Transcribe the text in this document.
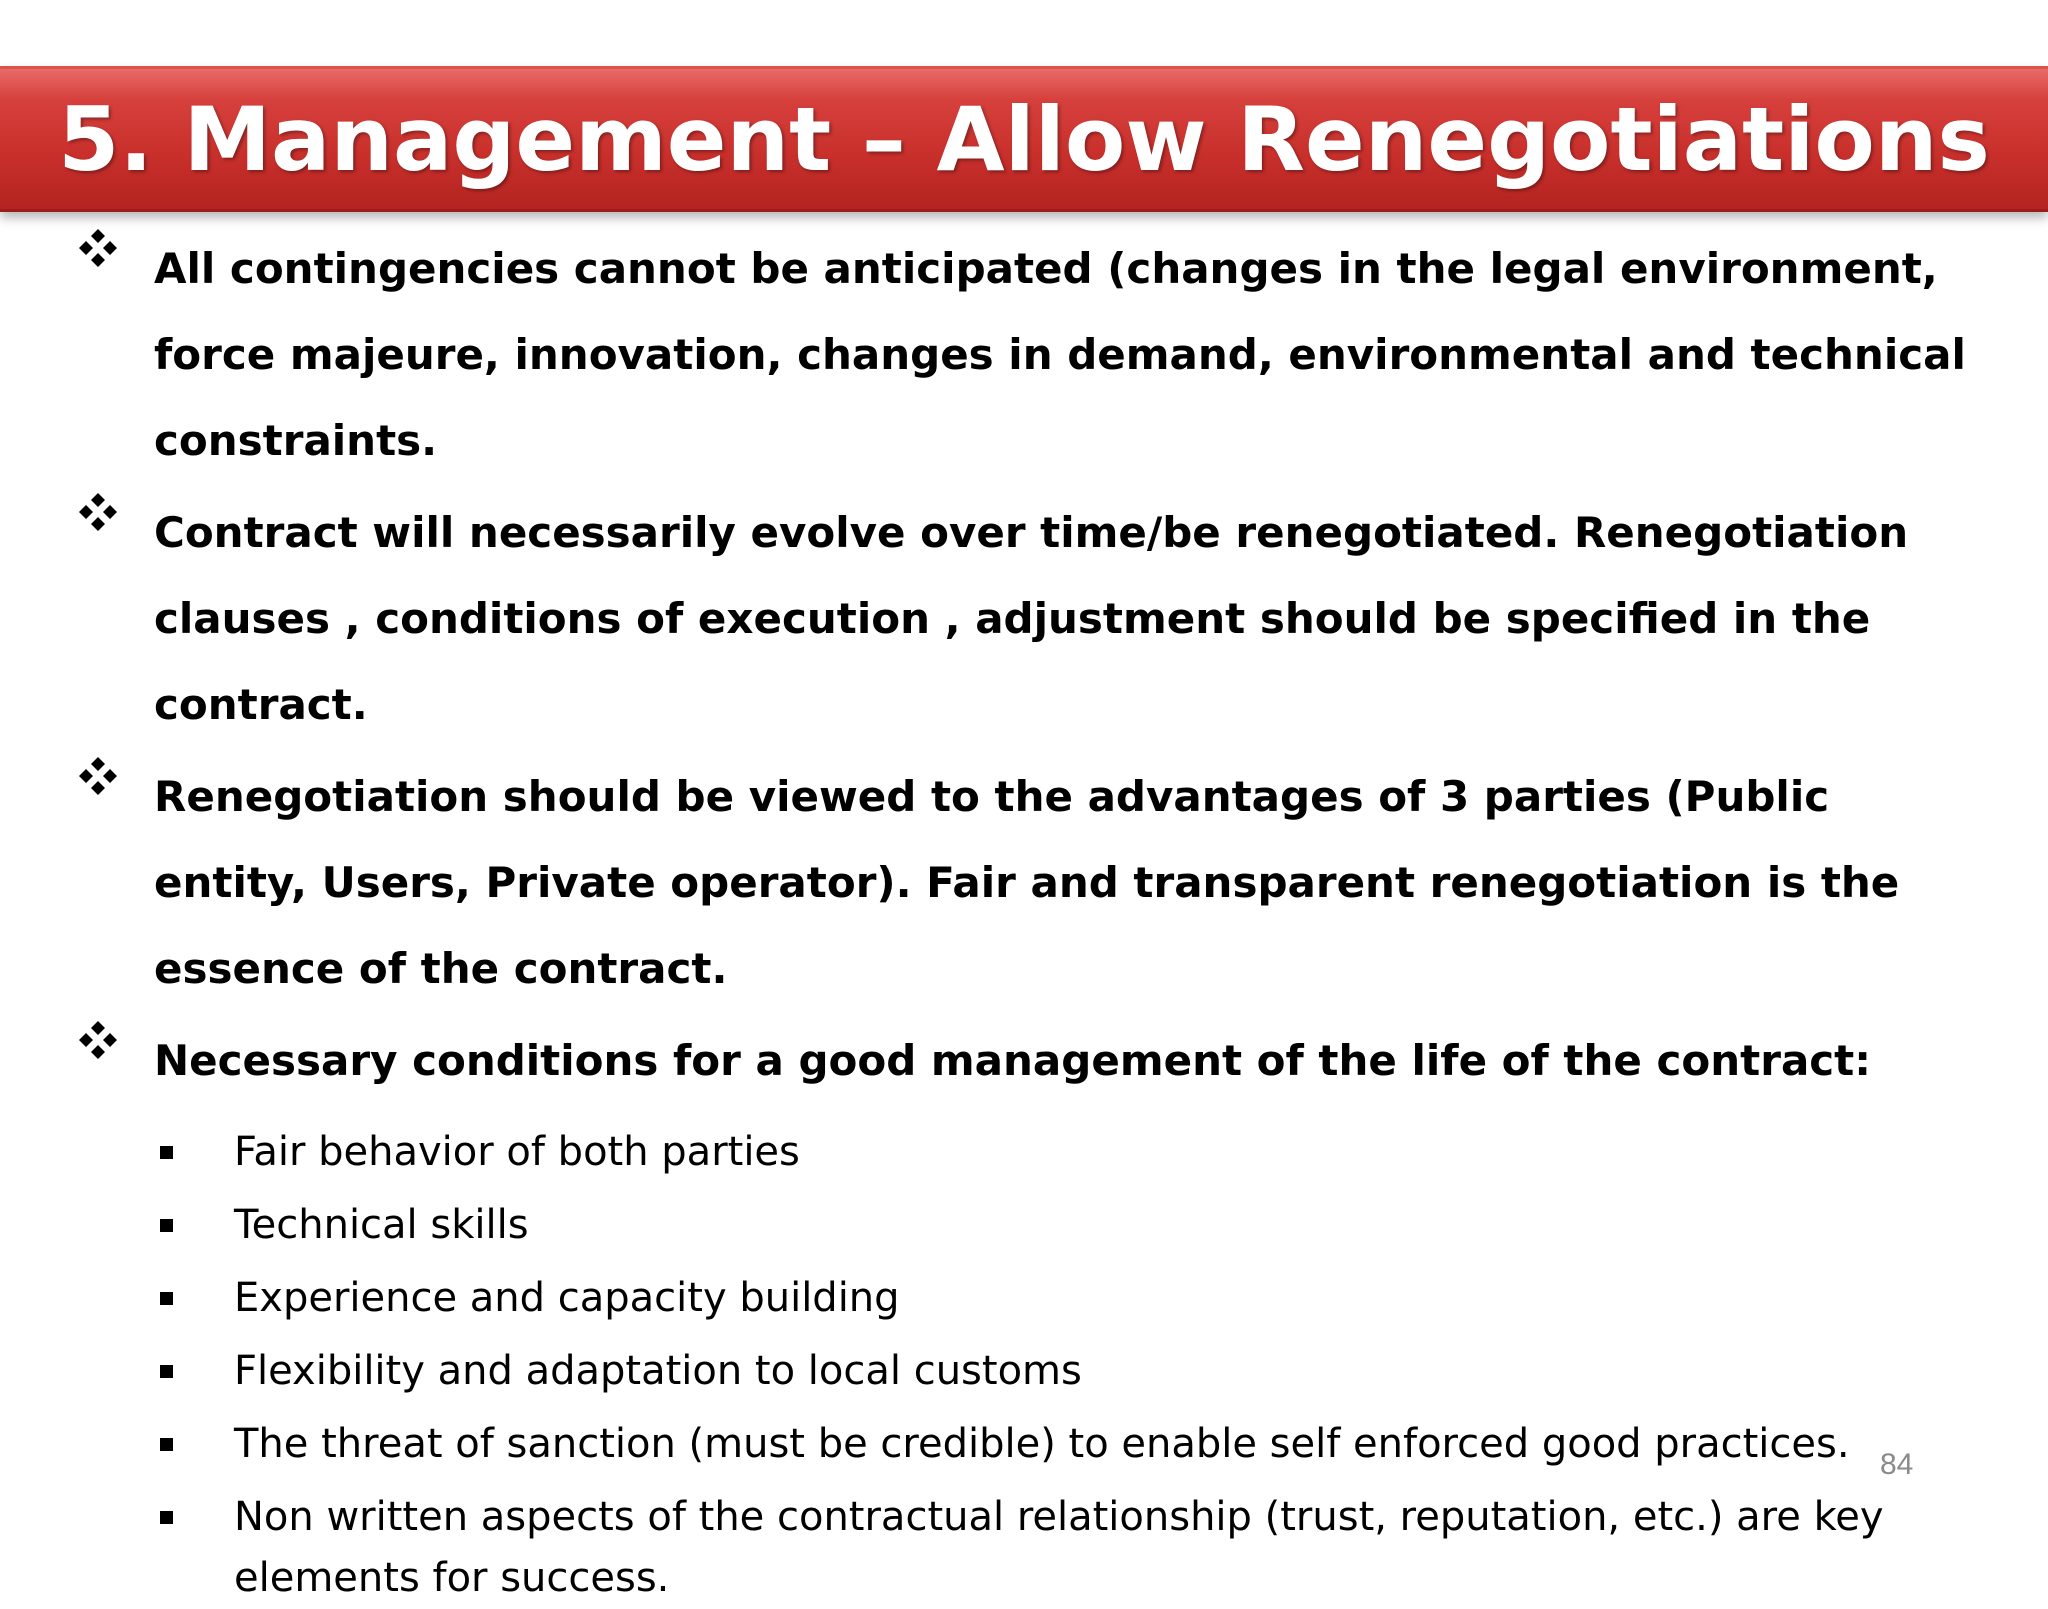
5. Management – Allow Renegotiations
All contingencies cannot be anticipated (changes in the legal environment, force majeure, innovation, changes in demand, environmental and technical constraints.
Contract will necessarily evolve over time/be renegotiated. Renegotiation clauses , conditions of execution , adjustment should be specified in the contract.
Renegotiation should be viewed to the advantages of 3 parties (Public entity, Users, Private operator). Fair and transparent renegotiation is the essence of the contract.
Necessary conditions for a good management of the life of the contract:
Fair behavior of both parties
Technical skills
Experience and capacity building
Flexibility and adaptation to local customs
The threat of sanction (must be credible) to enable self enforced good practices.
Non written aspects of the contractual relationship (trust, reputation, etc.) are key elements for success.
84
